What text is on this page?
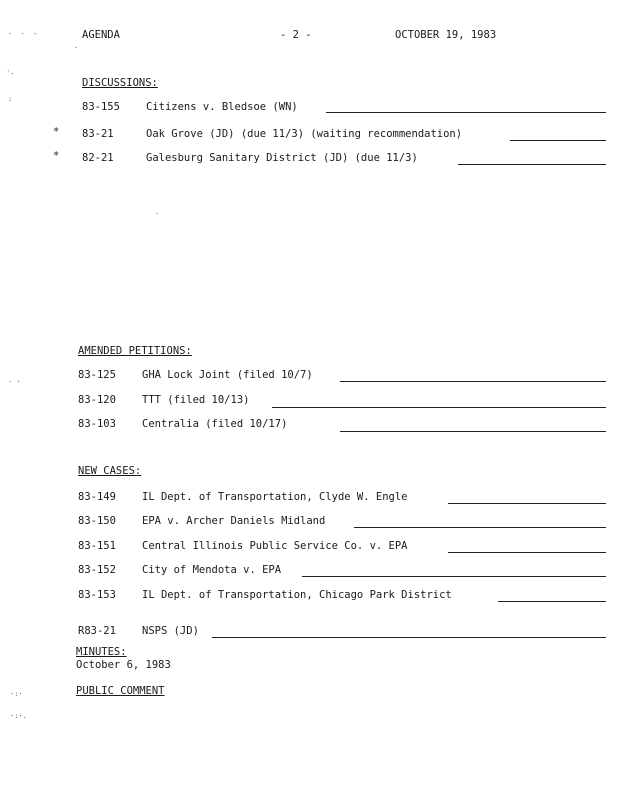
AGENDA	- 2 -	OCTOBER 19, 1983
DISCUSSIONS:
83-155 Citizens v. Bledsoe (WN)
* 83-21	Oak Grove (JD) (due 11/3) (waiting recommendation)
* 82-21	Galesburg Sanitary District (JD) (due 11/3)
AMENDED PETITIONS:
83-125 GHA Lock Joint (filed 10/7)
83-120 TTT (filed 10/13)
83-103 Centralia (filed 10/17)
NEW CASES:
83-149 IL Dept. of Transportation, Clyde W. Engle
83-150 EPA v. Archer Daniels Midland
83-151 Central Illinois Public Service Co. v. EPA
83-152 City of Mendota v. EPA
83-153 IL Dept. of Transportation, Chicago Park District
R83-21 NSPS (JD)
MINUTES:
October 6, 1983
PUBLIC COMMENT
·  ·  -
·
´·
:
·
· ·
·:·
·:·.
